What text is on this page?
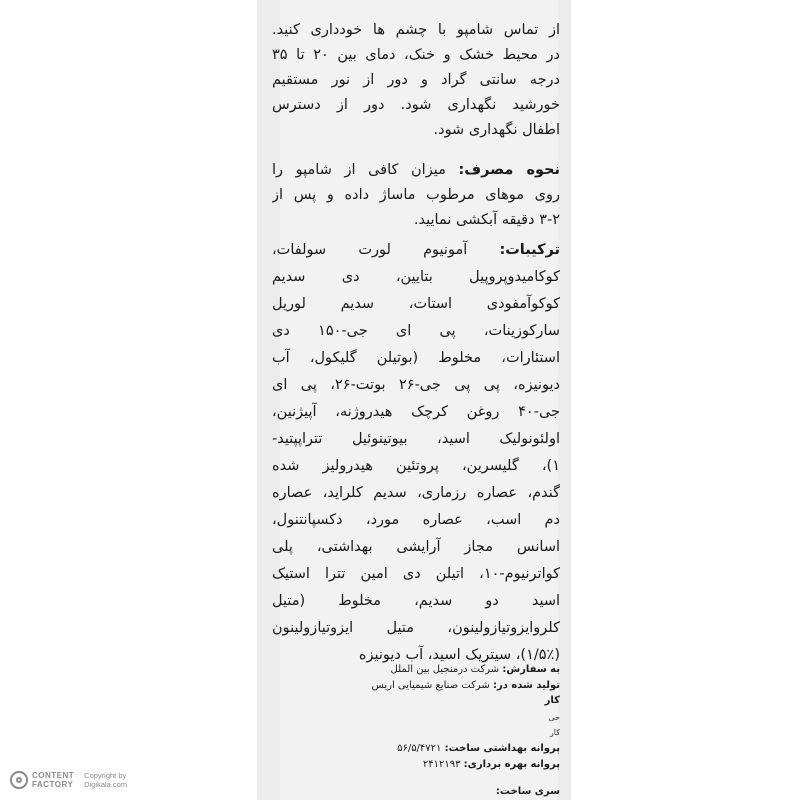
از تماس شامپو با چشم ها خودداری کنید.
در محیط خشک و خنک، دمای بین ۲۰ تا ۳۵
درجه سانتی گراد و دور از نور مستقیم
خورشید نگهداری شود. دور از دسترس
اطفال نگهداری شود.
نحوه مصرف: میزان کافی از شامپو را
روی موهای مرطوب ماساژ داده و پس از
۳-۲ دقیقه آبکشی نمایید.
ترکیبات: آمونیوم لورت سولفات،
کوکامیدوپروپیل بتایین، دی سدیم
کوکوآمفودی استات، سدیم لوریل
سارکوزینات، پی ای جی-۱۵۰ دی
استئارات، مخلوط (بوتیلن گلیکول، آب
دیونیزه، پی پی جی-۲۶ بوتت-۲۶، پی ای
جی-۴۰ روغن کرچک هیدروژنه، آپیژنین،
اولئونولیک اسید، بیوتینوئیل تتراپپتید-
۱)، گلیسرین، پروتئین هیدرولیز شده
گندم، عصاره رزماری، سدیم کلراید، عصاره
دم اسب، عصاره مورد، دکسپانتنول،
اسانس مجاز آرایشی بهداشتی، پلی
کواترنیوم-۱۰، اتیلن دی امین تترا استیک
اسید دو سدیم، مخلوط (متیل
کلروایزوتیازولینون، متیل ایزوتیازولینون
(۱/۵٪)، سیتریک اسید، آب دیونیزه
به سفارش: شرکت درمنجیل بین الملل
تولید شده در: شرکت صنایع شیمیایی اریس
کار
حی
کار
پروانه بهداشتی ساخت: ۵۶/۵/۴۷۲۱
پروانه بهره برداری: ۲۴۱۲۱۹۳
سری ساخت:
CONTENT
FACTORY
Copyright by
Digikala.com
